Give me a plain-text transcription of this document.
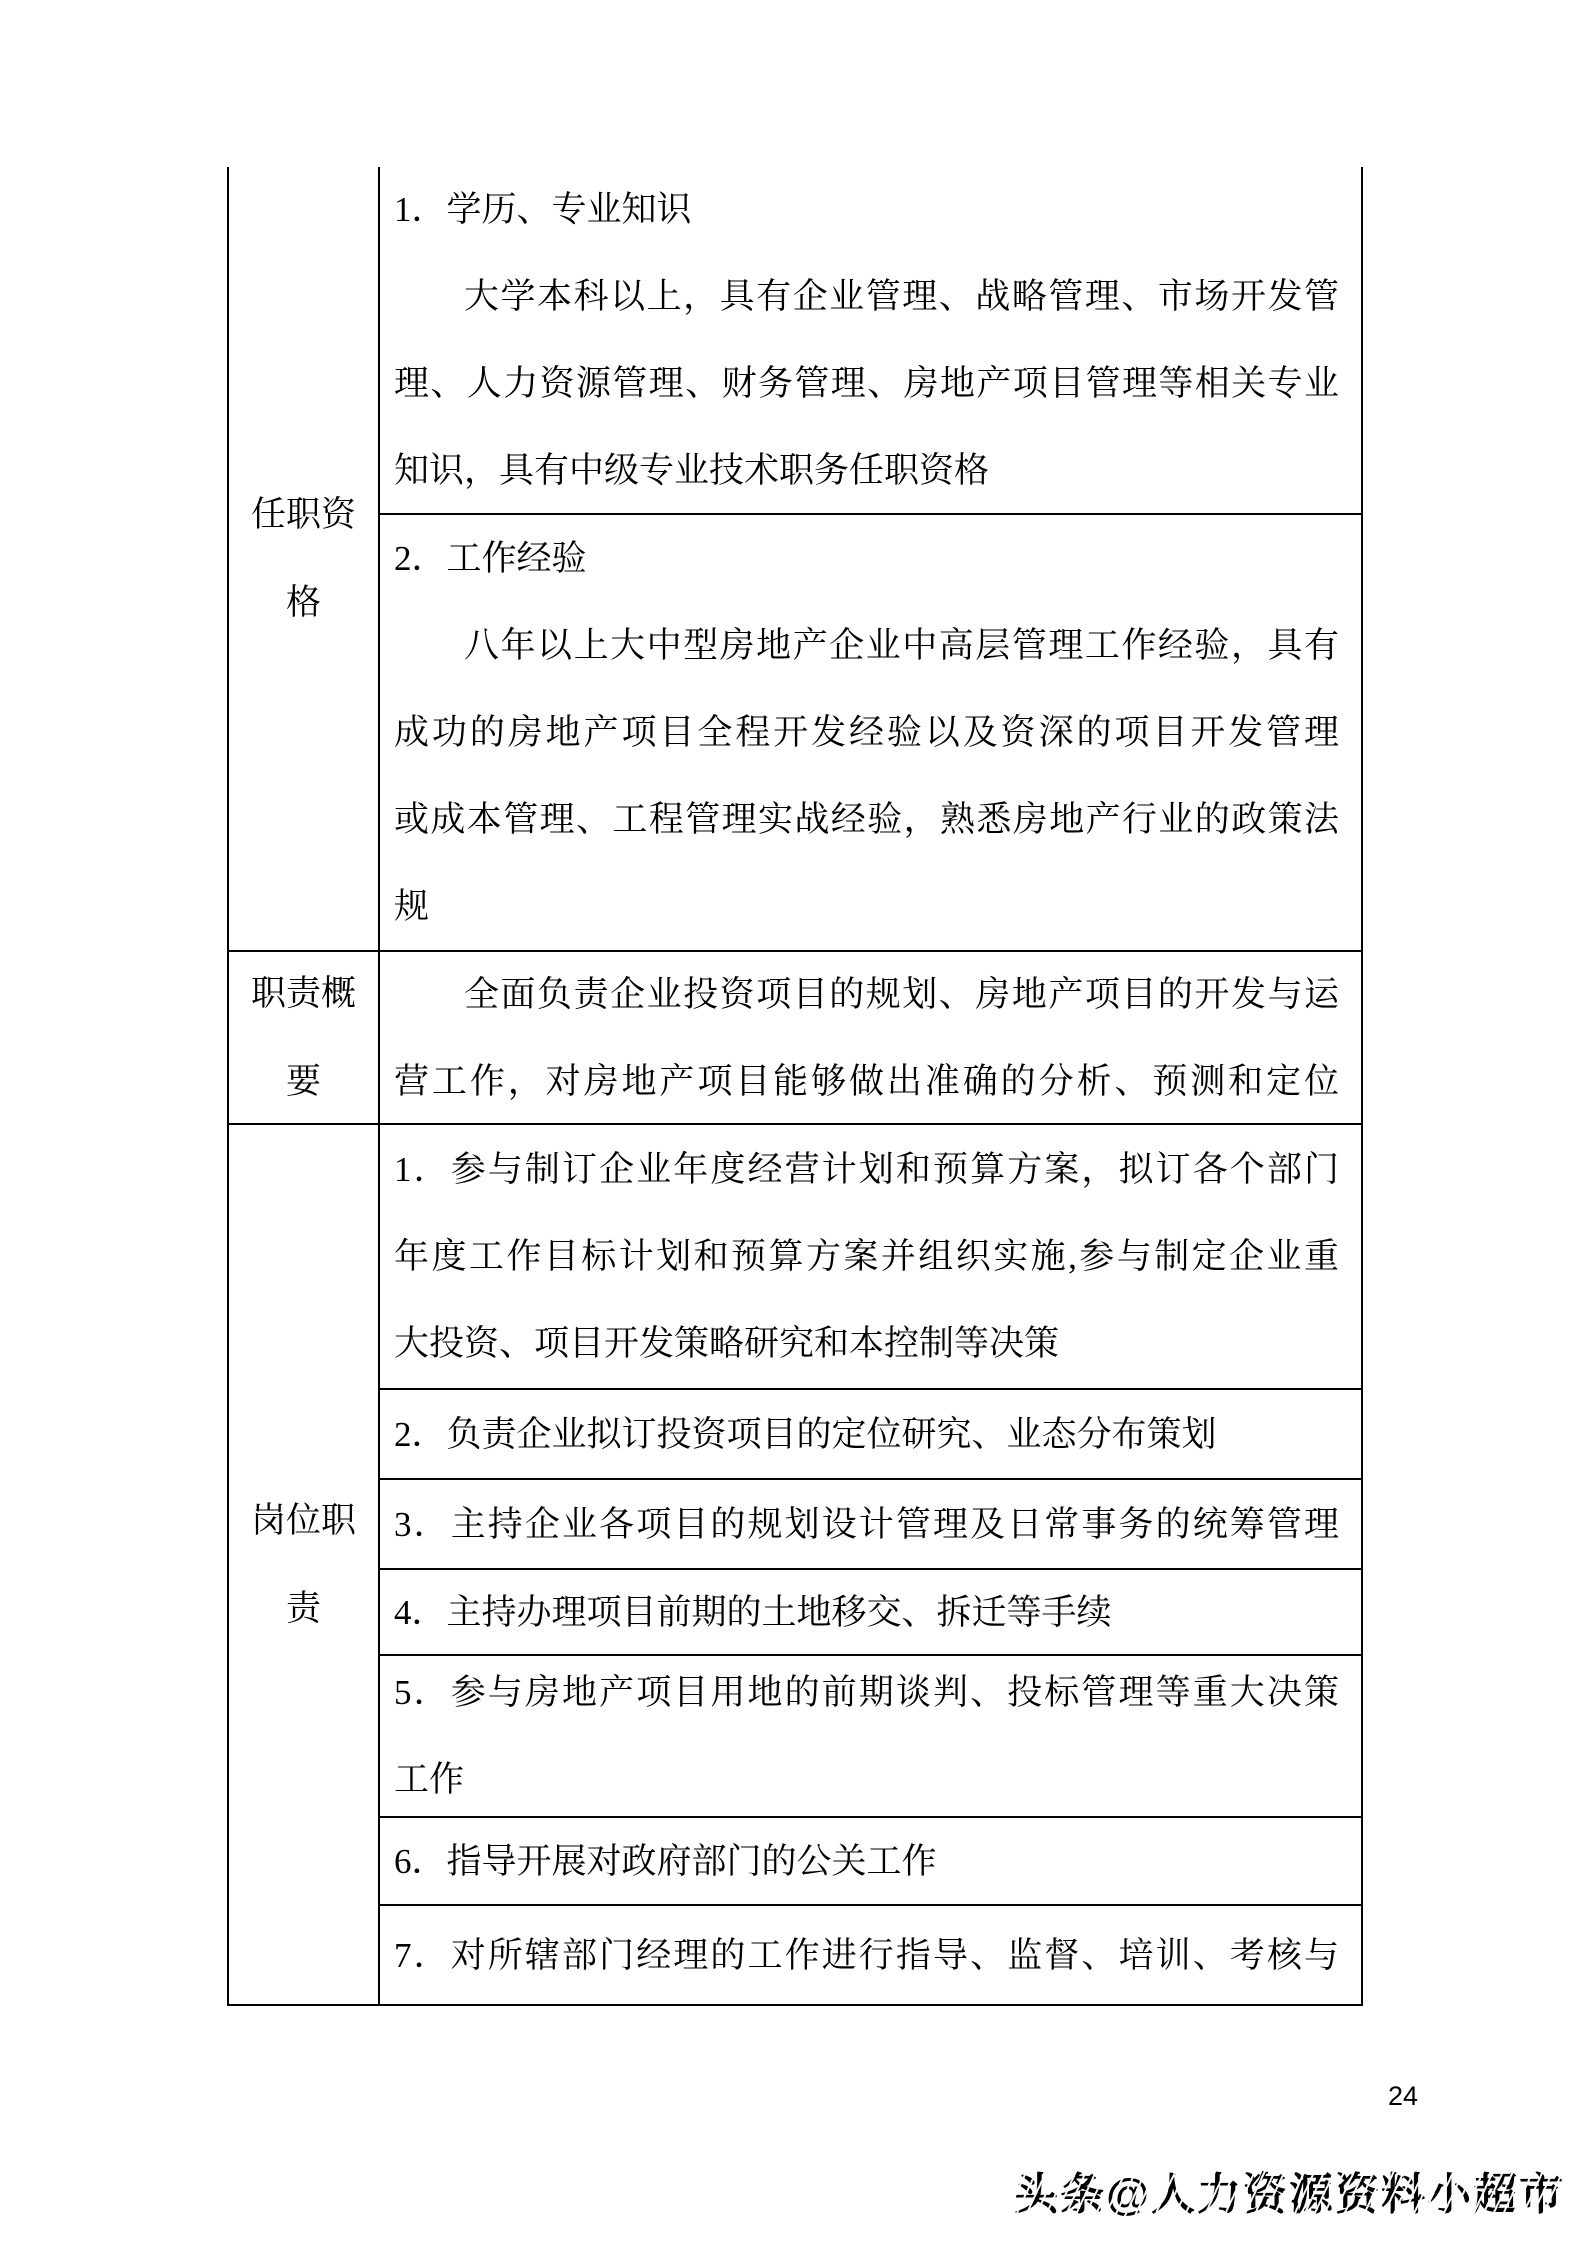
任职资
格
1．学历、专业知识
大学本科以上，具有企业管理、战略管理、市场开发管
理、人力资源管理、财务管理、房地产项目管理等相关专业
知识，具有中级专业技术职务任职资格
2．工作经验
八年以上大中型房地产企业中高层管理工作经验，具有
成功的房地产项目全程开发经验以及资深的项目开发管理
或成本管理、工程管理实战经验，熟悉房地产行业的政策法
规
职责概
要
全面负责企业投资项目的规划、房地产项目的开发与运
营工作，对房地产项目能够做出准确的分析、预测和定位
岗位职
责
1．参与制订企业年度经营计划和预算方案，拟订各个部门
年度工作目标计划和预算方案并组织实施,参与制定企业重
大投资、项目开发策略研究和本控制等决策
2．负责企业拟订投资项目的定位研究、业态分布策划
3．主持企业各项目的规划设计管理及日常事务的统筹管理
4．主持办理项目前期的土地移交、拆迁等手续
5．参与房地产项目用地的前期谈判、投标管理等重大决策
工作
6．指导开展对政府部门的公关工作
7．对所辖部门经理的工作进行指导、监督、培训、考核与
24
头条@人力资源资料小超市
